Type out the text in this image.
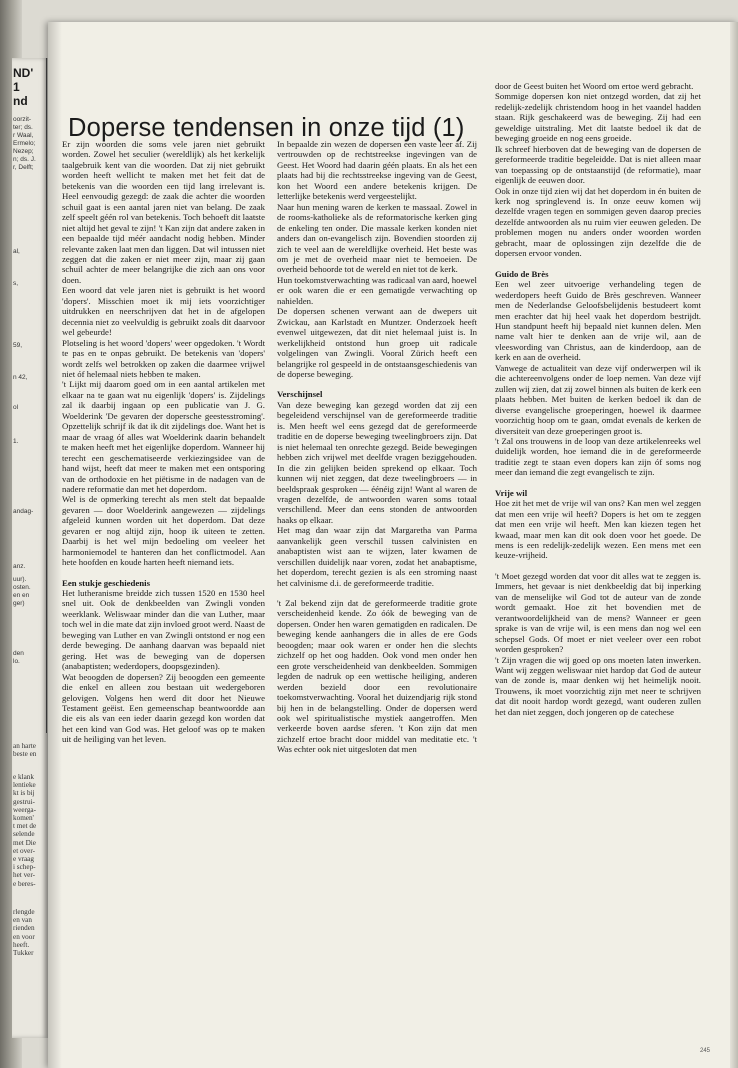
ND'
1
nd
oorzit-
ter; ds.
r Waal,
Ermelo;
Nezep;
n; ds. J.
r, Delft;
al,
s,
59,
n 42,
ol
1.
andag-
anz.
uur).
osten.
en en
ger)
den
lo.
an harte
beste en
e klank
lentieke
kt is bij
gestrui-
weerga-
komen'
t met de
selende
met Die
et over-
e vraag
i schep-
het ver-
e beres-
rlengde
en van
rienden
en voor
heeft.
Tukker
Doperse tendensen in onze tijd (1)

Er zijn woorden die soms vele jaren niet gebruikt worden. Zowel het seculier (wereldlijk) als het kerkelijk taalgebruik kent van die woorden. Dat zij niet gebruikt worden heeft wellicht te maken met het feit dat de betekenis van die woorden een tijd lang irrelevant is. Heel eenvoudig gezegd: de zaak die achter die woorden schuil gaat is een aantal jaren niet van belang. De zaak zelf speelt géén rol van betekenis. Toch behoeft dit laatste niet altijd het geval te zijn! 't Kan zijn dat andere zaken in een bepaalde tijd méér aandacht nodig hebben. Minder relevante zaken laat men dan liggen. Dat wil intussen niet zeggen dat die zaken er niet meer zijn, maar zij gaan schuil achter de meer belangrijke die zich aan ons voor doen.

Een woord dat vele jaren niet is gebruikt is het woord 'dopers'. Misschien moet ik mij iets voorzichtiger uitdrukken en neerschrijven dat het in de afgelopen decennia niet zo veelvuldig is gebruikt zoals dit daarvoor wel gebeurde!

Plotseling is het woord 'dopers' weer opgedoken. 't Wordt te pas en te onpas gebruikt. De betekenis van 'dopers' wordt zelfs wel betrokken op zaken die daarmee vrijwel niet óf helemaal niets hebben te maken.

't Lijkt mij daarom goed om in een aantal artikelen met elkaar na te gaan wat nu eigenlijk 'dopers' is. Zijdelings zal ik daarbij ingaan op een publicatie van J. G. Woelderink 'De gevaren der dopersche geestesstroming'. Opzettelijk schrijf ik dat ik dit zijdelings doe. Want het is maar de vraag óf alles wat Woelderink daarin behandelt te maken heeft met het eigenlijke doperdom. Wanneer hij terecht een geschematiseerde verkiezingsidee van de hand wijst, heeft dat meer te maken met een ontsporing van de orthodoxie en het piëtisme in de nadagen van de nadere reformatie dan met het doperdom.

Wel is de opmerking terecht als men stelt dat bepaalde gevaren — door Woelderink aangewezen — zijdelings afgeleid kunnen worden uit het doperdom. Dat deze gevaren er nog altijd zijn, hoop ik uiteen te zetten. Daarbij is het wel mijn bedoeling om veeleer het harmoniemodel te hanteren dan het conflictmodel. Aan hete hoofden en koude harten heeft niemand iets.

Een stukje geschiedenis

Het lutheranisme breidde zich tussen 1520 en 1530 heel snel uit. Ook de denkbeelden van Zwingli vonden weerklank. Weliswaar minder dan die van Luther, maar toch wel in die mate dat zijn invloed groot werd. Naast de beweging van Luther en van Zwingli ontstond er nog een derde beweging. De aanhang daarvan was bepaald niet gering. Het was de beweging van de dopersen (anabaptisten; wederdopers, doopsgezinden).

Wat beoogden de dopersen? Zij beoogden een gemeente die enkel en alleen zou bestaan uit wedergeboren gelovigen. Volgens hen werd dit door het Nieuwe Testament geëist. Een gemeenschap beantwoordde aan die eis als van een ieder daarin gezegd kon worden dat het een kind van God was. Het geloof was op te maken uit de heiliging van het leven.

In bepaalde zin wezen de dopersen een vaste leer af. Zij vertrouwden op de rechtstreekse ingevingen van de Geest. Het Woord had daarin géén plaats. En als het een plaats had bij die rechtsstreekse ingeving van de Geest, kon het Woord een andere betekenis krijgen. De letterlijke betekenis werd vergeestelijkt.

Naar hun mening waren de kerken te massaal. Zowel in de rooms-katholieke als de reformatorische kerken ging de enkeling ten onder. Die massale kerken konden niet anders dan on-evangelisch zijn. Bovendien stoorden zij zich te veel aan de wereldlijke overheid. Het beste was om je met de overheid maar niet te bemoeien. De overheid behoorde tot de wereld en niet tot de kerk.

Hun toekomstverwachting was radicaal van aard, hoewel er ook waren die er een gematigde verwachting op nahielden.

De dopersen schenen verwant aan de dwepers uit Zwickau, aan Karlstadt en Muntzer. Onderzoek heeft evenwel uitgewezen, dat dit niet helemaal juist is. In werkelijkheid ontstond hun groep uit radicale volgelingen van Zwingli. Vooral Zürich heeft een belangrijke rol gespeeld in de ontstaansgeschiedenis van de doperse beweging.

Verschijnsel

Van deze beweging kan gezegd worden dat zij een begeleidend verschijnsel van de gereformeerde traditie is. Men heeft wel eens gezegd dat de gereformeerde traditie en de doperse beweging tweelingbroers zijn. Dat is niet helemaal ten onrechte gezegd. Beide bewegingen hebben zich vrijwel met deelfde vragen beziggehouden. In die zin gelijken beiden sprekend op elkaar. Toch kunnen wij niet zeggen, dat deze tweelingbroers — in beeldspraak gesproken — éénéig zijn! Want al waren de vragen dezelfde, de antwoorden waren soms totaal verschillend. Meer dan eens stonden de antwoorden haaks op elkaar.

Het mag dan waar zijn dat Margaretha van Parma aanvankelijk geen verschil tussen calvinisten en anabaptisten wist aan te wijzen, later kwamen de verschillen duidelijk naar voren, zodat het anabaptisme, het doperdom, terecht gezien is als een stroming naast het calvinisme d.i. de gereformeerde traditie.

't Zal bekend zijn dat de gereformeerde traditie grote verscheidenheid kende. Zo óók de beweging van de dopersen. Onder hen waren gematigden en radicalen. De beweging kende aanhangers die in alles de ere Gods beoogden; maar ook waren er onder hen die slechts zichzelf op het oog hadden. Ook vond men onder hen een grote verscheidenheid van denkbeelden. Sommigen legden de nadruk op een wettische heiliging, anderen werden bezield door een revolutionaire toekomstverwachting. Vooral het duizendjarig rijk stond bij hen in de belangstelling. Onder de dopersen werd ook wel spiritualistische mystiek aangetroffen. Men verkeerde boven aardse sferen. 't Kon zijn dat men zichzelf ertoe bracht door middel van meditatie etc. 't Was echter ook niet uitgesloten dat men

door de Geest buiten het Woord om ertoe werd gebracht.

Sommige dopersen kon niet ontzegd worden, dat zij het redelijk-zedelijk christendom hoog in het vaandel hadden staan. Rijk geschakeerd was de beweging. Zij had een geweldige uitstraling. Met dit laatste bedoel ik dat de beweging groeide en nog eens groeide.

Ik schreef hierboven dat de beweging van de dopersen de gereformeerde traditie begeleidde. Dat is niet alleen maar van toepassing op de ontstaanstijd (de reformatie), maar eigenlijk de eeuwen door.

Ook in onze tijd zien wij dat het doperdom in én buiten de kerk nog springlevend is. In onze eeuw komen wij dezelfde vragen tegen en sommigen geven daarop precies dezelfde antwoorden als nu ruim vier eeuwen geleden. De problemen mogen nu anders onder woorden worden gebracht, maar de oplossingen zijn dezelfde die de dopersen ervoor vonden.

Guido de Brès

Een wel zeer uitvoerige verhandeling tegen de wederdopers heeft Guido de Brès geschreven. Wanneer men de Nederlandse Geloofsbelijdenis bestudeert komt men erachter dat hij heel vaak het doperdom bestrijdt. Hun standpunt heeft hij bepaald niet kunnen delen. Men name valt hier te denken aan de vrije wil, aan de vleeswording van Christus, aan de kinderdoop, aan de kerk en aan de overheid.

Vanwege de actualiteit van deze vijf onderwerpen wil ik die achtereenvolgens onder de loep nemen. Van deze vijf zullen wij zien, dat zij zowel binnen als buiten de kerk een plaats hebben. Met buiten de kerken bedoel ik dan de diverse evangelische groeperingen, hoewel ik daarmee voorzichtig hoop om te gaan, omdat evenals de kerken de diversiteit van deze groeperingen groot is.

't Zal ons trouwens in de loop van deze artikelenreeks wel duidelijk worden, hoe iemand die in de gereformeerde traditie zegt te staan even dopers kan zijn óf soms nog meer dan iemand die zegt evangelisch te zijn.

Vrije wil

Hoe zit het met de vrije wil van ons? Kan men wel zeggen dat men een vrije wil heeft? Dopers is het om te zeggen dat men een vrije wil heeft. Men kan kiezen tegen het kwaad, maar men kan dit ook doen voor het goede. De mens is een redelijk-zedelijk wezen. Een mens met een keuze-vrijheid.

't Moet gezegd worden dat voor dit alles wat te zeggen is. Immers, het gevaar is niet denkbeeldig dat bij inperking van de menselijke wil God tot de auteur van de zonde wordt gemaakt. Hoe zit het bovendien met de verantwoordelijkheid van de mens? Wanneer er geen sprake is van de vrije wil, is een mens dan nog wel een schepsel Gods. Of moet er niet veeleer over een robot worden gesproken?

't Zijn vragen die wij goed op ons moeten laten inwerken. Want wij zeggen weliswaar niet hardop dat God de auteur van de zonde is, maar denken wij het heimelijk nooit. Trouwens, ik moet voorzichtig zijn met neer te schrijven dat dit nooit hardop wordt gezegd, want ouderen zullen het dan niet zeggen, doch jongeren op de catechese

245
